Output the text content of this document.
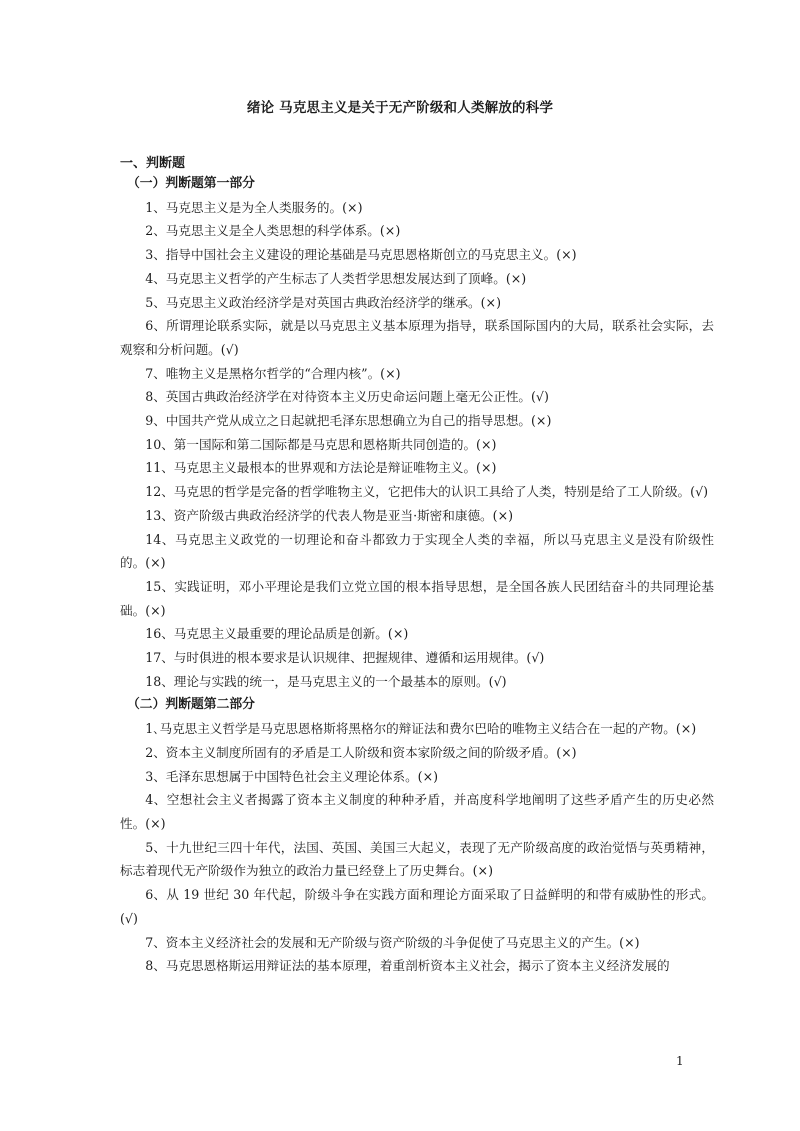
绪论 马克思主义是关于无产阶级和人类解放的科学
一、判断题
（一）判断题第一部分
1、马克思主义是为全人类服务的。(×)
2、马克思主义是全人类思想的科学体系。(×)
3、指导中国社会主义建设的理论基础是马克思恩格斯创立的马克思主义。(×)
4、马克思主义哲学的产生标志了人类哲学思想发展达到了顶峰。(×)
5、马克思主义政治经济学是对英国古典政治经济学的继承。(×)
6、所谓理论联系实际，就是以马克思主义基本原理为指导，联系国际国内的大局，联系社会实际，去观察和分析问题。(√)
7、唯物主义是黑格尔哲学的“合理内核”。(×)
8、英国古典政治经济学在对待资本主义历史命运问题上毫无公正性。(√)
9、中国共产党从成立之日起就把毛泽东思想确立为自己的指导思想。(×)
10、第一国际和第二国际都是马克思和恩格斯共同创造的。(×)
11、马克思主义最根本的世界观和方法论是辩证唯物主义。(×)
12、马克思的哲学是完备的哲学唯物主义，它把伟大的认识工具给了人类，特别是给了工人阶级。(√)
13、资产阶级古典政治经济学的代表人物是亚当·斯密和康德。(×)
14、马克思主义政党的一切理论和奋斗都致力于实现全人类的幸福，所以马克思主义是没有阶级性的。(×)
15、实践证明，邓小平理论是我们立党立国的根本指导思想，是全国各族人民团结奋斗的共同理论基础。(×)
16、马克思主义最重要的理论品质是创新。(×)
17、与时俱进的根本要求是认识规律、把握规律、遵循和运用规律。(√)
18、理论与实践的统一，是马克思主义的一个最基本的原则。(√)
（二）判断题第二部分
1､马克思主义哲学是马克思恩格斯将黑格尔的辩证法和费尔巴哈的唯物主义结合在一起的产物。(×)
2、资本主义制度所固有的矛盾是工人阶级和资本家阶级之间的阶级矛盾。(×)
3、毛泽东思想属于中国特色社会主义理论体系。(×)
4、空想社会主义者揭露了资本主义制度的种种矛盾，并高度科学地阐明了这些矛盾产生的历史必然性。(×)
5、十九世纪三四十年代，法国、英国、美国三大起义，表现了无产阶级高度的政治觉悟与英勇精神，标志着现代无产阶级作为独立的政治力量已经登上了历史舞台。(×)
6、从 19 世纪 30 年代起，阶级斗争在实践方面和理论方面采取了日益鲜明的和带有威胁性的形式。(√)
7、资本主义经济社会的发展和无产阶级与资产阶级的斗争促使了马克思主义的产生。(×)
8、马克思恩格斯运用辩证法的基本原理，着重剖析资本主义社会，揭示了资本主义经济发展的
1
